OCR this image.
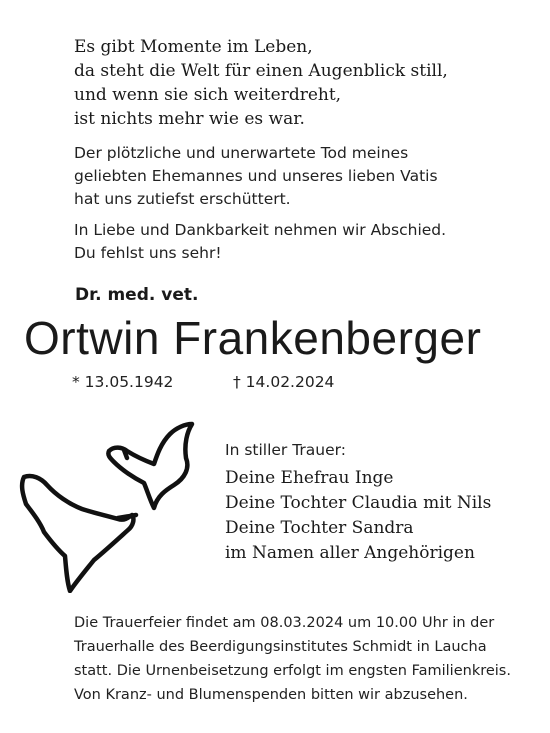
Es gibt Momente im Leben,
da steht die Welt für einen Augenblick still,
und wenn sie sich weiterdreht,
ist nichts mehr wie es war.
Der plötzliche und unerwartete Tod meines
geliebten Ehemannes und unseres lieben Vatis
hat uns zutiefst erschüttert.
In Liebe und Dankbarkeit nehmen wir Abschied.
Du fehlst uns sehr!
Dr. med. vet.
Ortwin Frankenberger
* 13.05.1942	† 14.02.2024
In stiller Trauer:
Deine Ehefrau Inge
Deine Tochter Claudia mit Nils
Deine Tochter Sandra
im Namen aller Angehörigen
Die Trauerfeier findet am 08.03.2024 um 10.00 Uhr in der
Trauerhalle des Beerdigungsinstitutes Schmidt in Laucha
statt. Die Urnenbeisetzung erfolgt im engsten Familienkreis.
Von Kranz- und Blumenspenden bitten wir abzusehen.
